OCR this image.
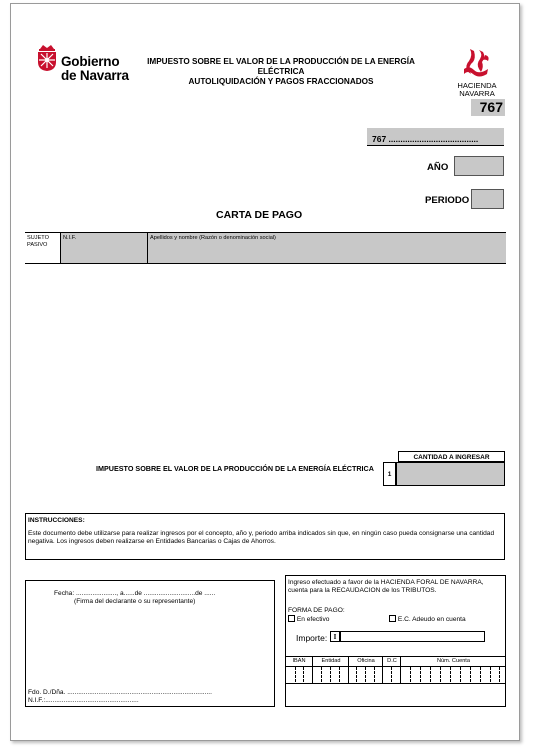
Gobierno
de Navarra
IMPUESTO SOBRE EL VALOR DE LA PRODUCCIÓN DE LA ENERGÍA
ELÉCTRICA
AUTOLIQUIDACIÓN Y PAGOS FRACCIONADOS	HACIENDA
NAVARRA
767
767 ......................................
AÑO
PERIODO
CARTA DE PAGO
SUJETO PASIVO
N.I.F.	Apellidos y nombre (Razón o denominación social)
CANTIDAD A INGRESAR
IMPUESTO SOBRE EL VALOR DE LA PRODUCCIÓN DE LA ENERGÍA ELÉCTRICA
1
INSTRUCCIONES:
Este documento debe utilizarse para realizar ingresos por el concepto, año y, periodo arriba indicados sin que, en ningún caso pueda consignarse una cantidad negativa. Los ingresos deben realizarse en Entidades Bancarias o Cajas de Ahorros.
Fecha: ......................, a......de ............................de ......
(Firma del declarante o su representante)
Fdo. D./Dña. ...............................................................................
N.I.F.:...................................................
Ingreso efectuado a favor de la HACIENDA FORAL DE NAVARRA, cuenta para la RECAUDACION de los TRIBUTOS.
FORMA DE PAGO:
En efectivo	E.C. Adeudo en cuenta
Importe: I
IBAN	Entidad	Oficina	D.C	Núm. Cuenta
